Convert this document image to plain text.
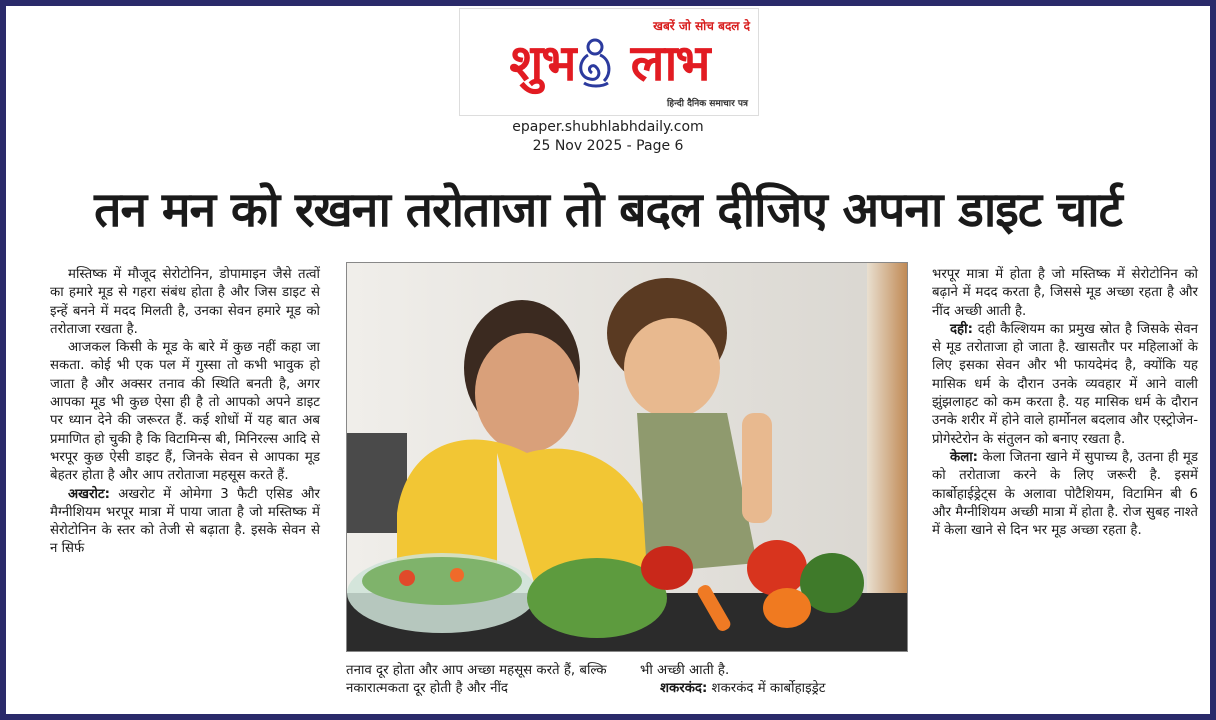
खबरें जो सोच बदल दे
शुभ लाभ
हिन्दी दैनिक समाचार पत्र
epaper.shubhlabhdaily.com
25 Nov 2025 - Page 6
तन मन को रखना तरोताजा तो बदल दीजिए अपना डाइट चार्ट

मस्तिष्क में मौजूद सेरोटोनिन, डोपामाइन जैसे तत्वों का हमारे मूड से गहरा संबंध होता है और जिस डाइट से इन्हें बनने में मदद मिलती है, उनका सेवन हमारे मूड को तरोताजा रखता है.

आजकल किसी के मूड के बारे में कुछ नहीं कहा जा सकता. कोई भी एक पल में गुस्सा तो कभी भावुक हो जाता है और अक्सर तनाव की स्थिति बनती है, अगर आपका मूड भी कुछ ऐसा ही है तो आपको अपने डाइट पर ध्यान देने की जरूरत हैं. कई शोधों में यह बात अब प्रमाणित हो चुकी है कि विटामिन्स बी, मिनिरल्स आदि से भरपूर कुछ ऐसी डाइट हैं, जिनके सेवन से आपका मूड बेहतर होता है और आप तरोताजा महसूस करते हैं.

अखरोट: अखरोट में ओमेगा 3 फैटी एसिड और मैग्नीशियम भरपूर मात्रा में पाया जाता है जो मस्तिष्क में सेरोटोनिन के स्तर को तेजी से बढ़ाता है. इसके सेवन से न सिर्फ

तनाव दूर होता और आप अच्छा महसूस करते हैं, बल्कि नकारात्मकता दूर होती है और नींद
भी अच्छी आती है.
शकरकंद: शकरकंद में कार्बोहाइड्रेट

भरपूर मात्रा में होता है जो मस्तिष्क में सेरोटोनिन को बढ़ाने में मदद करता है, जिससे मूड अच्छा रहता है और नींद अच्छी आती है.

दही: दही कैल्शियम का प्रमुख स्रोत है जिसके सेवन से मूड तरोताजा हो जाता है. खासतौर पर महिलाओं के लिए इसका सेवन और भी फायदेमंद है, क्योंकि यह मासिक धर्म के दौरान उनके व्यवहार में आने वाली झुंझलाहट को कम करता है. यह मासिक धर्म के दौरान उनके शरीर में होने वाले हार्मोनल बदलाव और एस्ट्रोजेन- प्रोगेस्टेरोन के संतुलन को बनाए रखता है.

केला: केला जितना खाने में सुपाच्य है, उतना ही मूड को तरोताजा करने के लिए जरूरी है. इसमें कार्बोहाईड्रेट्स के अलावा पोटैशियम, विटामिन बी 6 और मैग्नीशियम अच्छी मात्रा में होता है. रोज सुबह नाश्ते में केला खाने से दिन भर मूड अच्छा रहता है.
